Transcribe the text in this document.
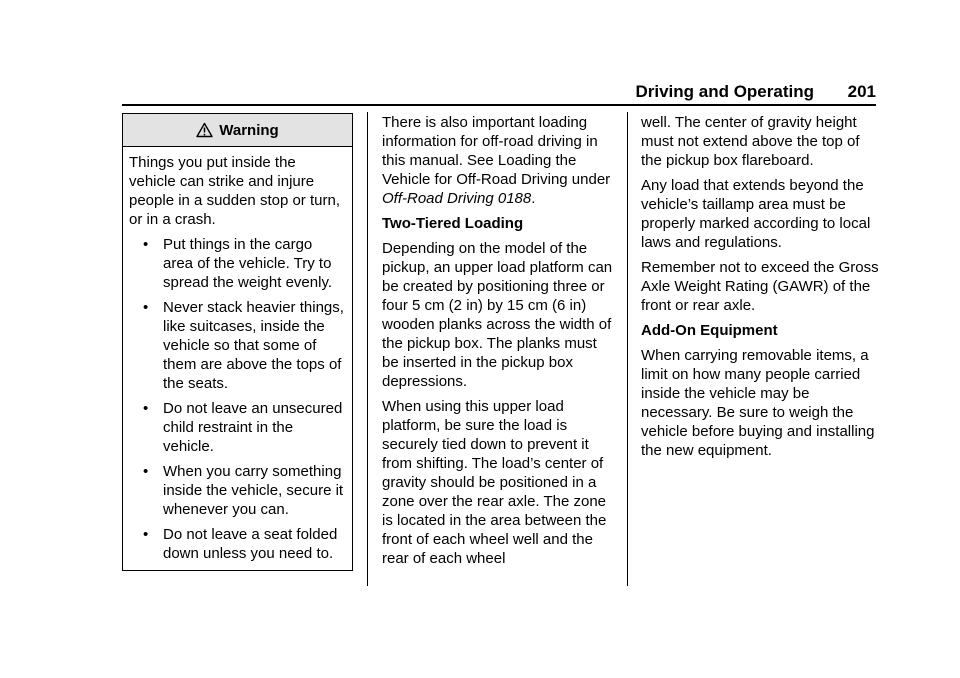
Driving and Operating 201
Warning

Things you put inside the vehicle can strike and injure people in a sudden stop or turn, or in a crash.

• Put things in the cargo area of the vehicle. Try to spread the weight evenly.
• Never stack heavier things, like suitcases, inside the vehicle so that some of them are above the tops of the seats.
• Do not leave an unsecured child restraint in the vehicle.
• When you carry something inside the vehicle, secure it whenever you can.
• Do not leave a seat folded down unless you need to.

There is also important loading information for off-road driving in this manual. See Loading the Vehicle for Off-Road Driving under Off-Road Driving 0188.

Two-Tiered Loading

Depending on the model of the pickup, an upper load platform can be created by positioning three or four 5 cm (2 in) by 15 cm (6 in) wooden planks across the width of the pickup box. The planks must be inserted in the pickup box depressions.

When using this upper load platform, be sure the load is securely tied down to prevent it from shifting. The load’s center of gravity should be positioned in a zone over the rear axle. The zone is located in the area between the front of each wheel well and the rear of each wheel

well. The center of gravity height must not extend above the top of the pickup box flareboard.

Any load that extends beyond the vehicle’s taillamp area must be properly marked according to local laws and regulations.

Remember not to exceed the Gross Axle Weight Rating (GAWR) of the front or rear axle.

Add-On Equipment

When carrying removable items, a limit on how many people carried inside the vehicle may be necessary. Be sure to weigh the vehicle before buying and installing the new equipment.
